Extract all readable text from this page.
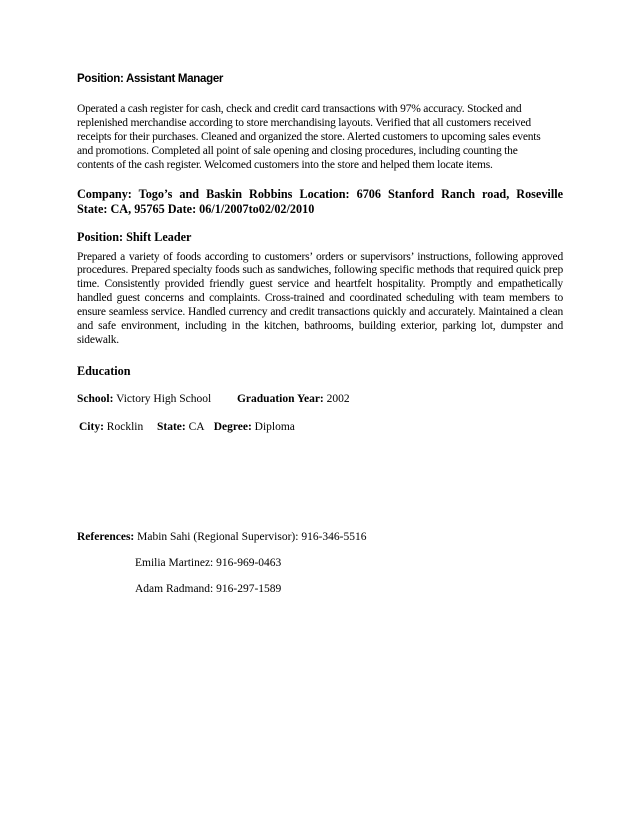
Position: Assistant Manager

Operated a cash register for cash, check and credit card transactions with 97% accuracy. Stocked and

replenished merchandise according to store merchandising layouts. Verified that all customers received

receipts for their purchases. Cleaned and organized the store. Alerted customers to upcoming sales events

and promotions. Completed all point of sale opening and closing procedures, including counting the

contents of the cash register. Welcomed customers into the store and helped them locate items.

Company: Togo’s and Baskin Robbins Location: 6706 Stanford Ranch road, Roseville

State: CA, 95765 Date: 06/1/2007to02/02/2010

Position: Shift Leader

Prepared a variety of foods according to customers’ orders or supervisors’ instructions, following approved procedures. Prepared specialty foods such as sandwiches, following specific methods that required quick prep time. Consistently provided friendly guest service and heartfelt hospitality. Promptly and empathetically handled guest concerns and complaints. Cross-trained and coordinated scheduling with team members to ensure seamless service. Handled currency and credit transactions quickly and accurately. Maintained a clean and safe environment, including in the kitchen, bathrooms, building exterior, parking lot, dumpster and sidewalk.

Education

School: Victory High School Graduation Year: 2002

City: Rocklin State: CA Degree: Diploma

References: Mabin Sahi (Regional Supervisor): 916-346-5516

Emilia Martinez: 916-969-0463

Adam Radmand: 916-297-1589
